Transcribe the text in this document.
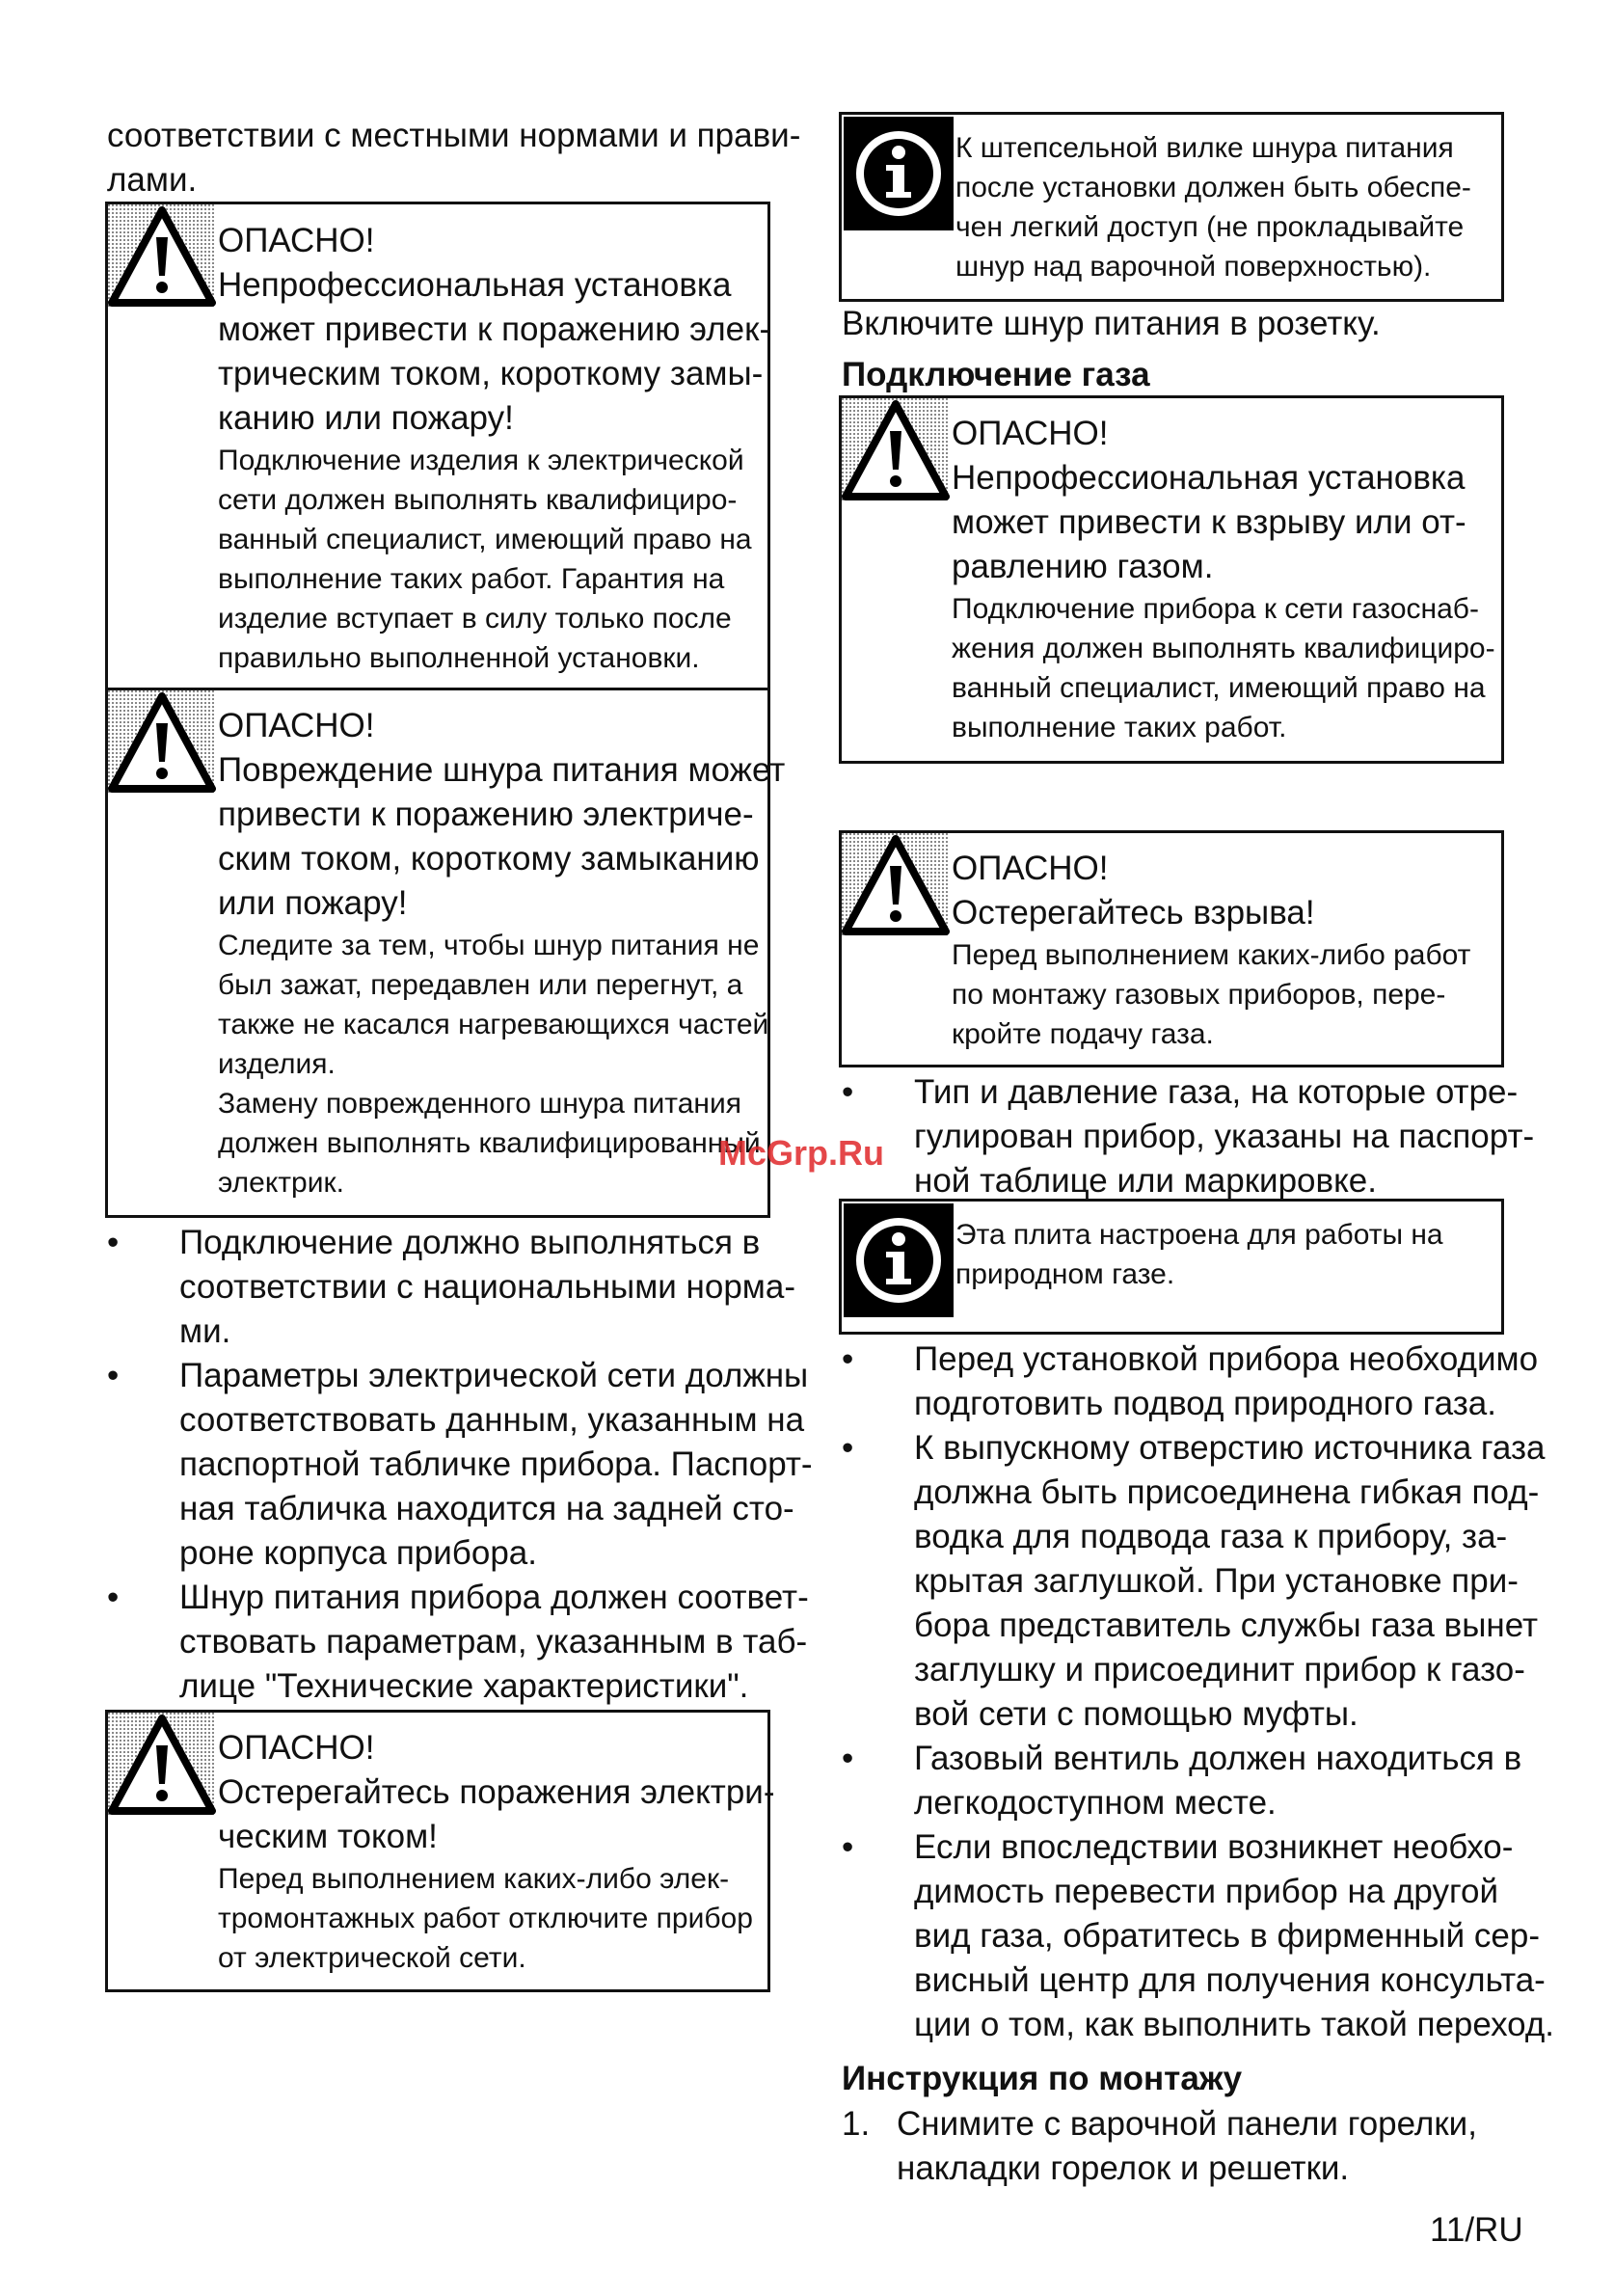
соответствии с местными нормами и прави-
лами.
ОПАСНО!
Непрофессиональная установка
может привести к поражению элек-
трическим током, короткому замы-
канию или пожару!
Подключение изделия к электрической
сети должен выполнять квалифициро-
ванный специалист, имеющий право на
выполнение таких работ. Гарантия на
изделие вступает в силу только после
правильно выполненной установки.
ОПАСНО!
Повреждение шнура питания может
привести к поражению электриче-
ским током, короткому замыканию
или пожару!
Следите за тем, чтобы шнур питания не
был зажат, передавлен или перегнут, а
также не касался нагревающихся частей
изделия.
Замену поврежденного шнура питания
должен выполнять квалифицированный
электрик.
• Подключение должно выполняться в
соответствии с национальными норма-
ми.
• Параметры электрической сети должны
соответствовать данным, указанным на
паспортной табличке прибора. Паспорт-
ная табличка находится на задней сто-
роне корпуса прибора.
• Шнур питания прибора должен соответ-
ствовать параметрам, указанным в таб-
лице "Технические характеристики".
ОПАСНО!
Остерегайтесь поражения электри-
ческим током!
Перед выполнением каких-либо элек-
тромонтажных работ отключите прибор
от электрической сети.
К штепсельной вилке шнура питания
после установки должен быть обеспе-
чен легкий доступ (не прокладывайте
шнур над варочной поверхностью).
Включите шнур питания в розетку.
Подключение газа
ОПАСНО!
Непрофессиональная установка
может привести к взрыву или от-
равлению газом.
Подключение прибора к сети газоснаб-
жения должен выполнять квалифициро-
ванный специалист, имеющий право на
выполнение таких работ.
ОПАСНО!
Остерегайтесь взрыва!
Перед выполнением каких-либо работ
по монтажу газовых приборов, пере-
кройте подачу газа.
• Тип и давление газа, на которые отре-
гулирован прибор, указаны на паспорт-
ной таблице или маркировке.
Эта плита настроена для работы на
природном газе.
• Перед установкой прибора необходимо
подготовить подвод природного газа.
• К выпускному отверстию источника газа
должна быть присоединена гибкая под-
водка для подвода газа к прибору, за-
крытая заглушкой. При установке при-
бора представитель службы газа вынет
заглушку и присоединит прибор к газо-
вой сети с помощью муфты.
• Газовый вентиль должен находиться в
легкодоступном месте.
• Если впоследствии возникнет необхо-
димость перевести прибор на другой
вид газа, обратитесь в фирменный сер-
висный центр для получения консульта-
ции о том, как выполнить такой переход.
Инструкция по монтажу
1. Снимите с варочной панели горелки,
накладки горелок и решетки.
McGrp.Ru
11/RU
